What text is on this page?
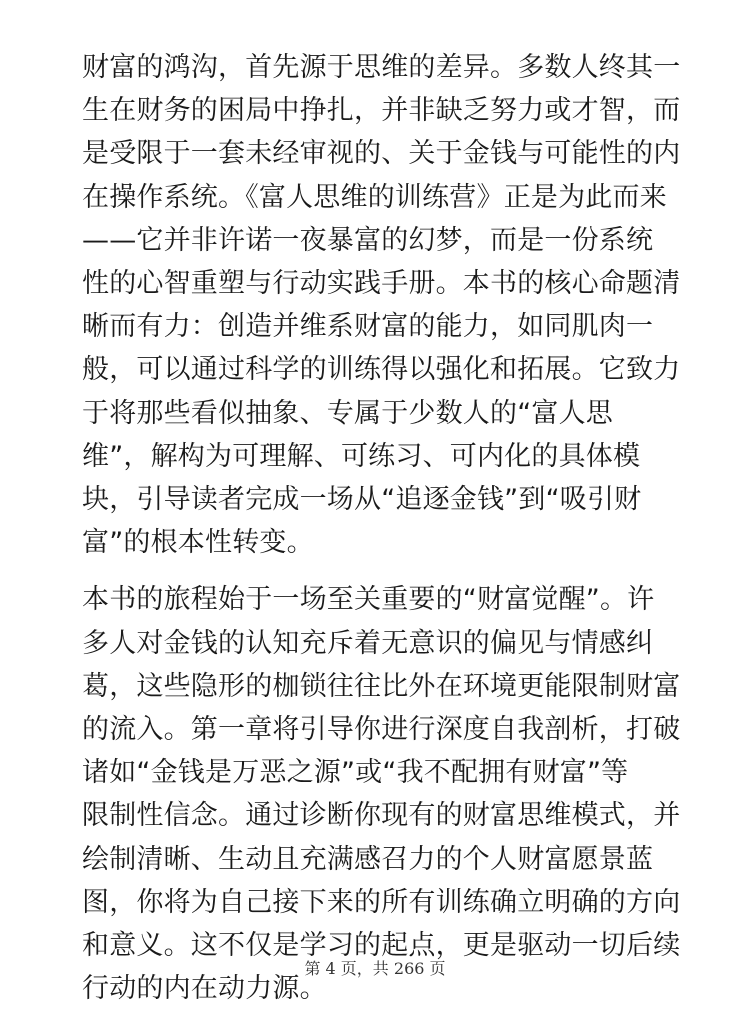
财富的鸿沟，首先源于思维的差异。多数人终其一
生在财务的困局中挣扎，并非缺乏努力或才智，而
是受限于一套未经审视的、关于金钱与可能性的内
在操作系统。《富人思维的训练营》正是为此而来
——它并非许诺一夜暴富的幻梦，而是一份系统
性的心智重塑与行动实践手册。本书的核心命题清
晰而有力：创造并维系财富的能力，如同肌肉一
般，可以通过科学的训练得以强化和拓展。它致力
于将那些看似抽象、专属于少数人的“富人思
维”，解构为可理解、可练习、可内化的具体模
块，引导读者完成一场从“追逐金钱”到“吸引财
富”的根本性转变。
本书的旅程始于一场至关重要的“财富觉醒”。许
多人对金钱的认知充斥着无意识的偏见与情感纠
葛，这些隐形的枷锁往往比外在环境更能限制财富
的流入。第一章将引导你进行深度自我剖析，打破
诸如“金钱是万恶之源”或“我不配拥有财富”等
限制性信念。通过诊断你现有的财富思维模式，并
绘制清晰、生动且充满感召力的个人财富愿景蓝
图，你将为自己接下来的所有训练确立明确的方向
和意义。这不仅是学习的起点，更是驱动一切后续
行动的内在动力源。
第 4 页，共 266 页
